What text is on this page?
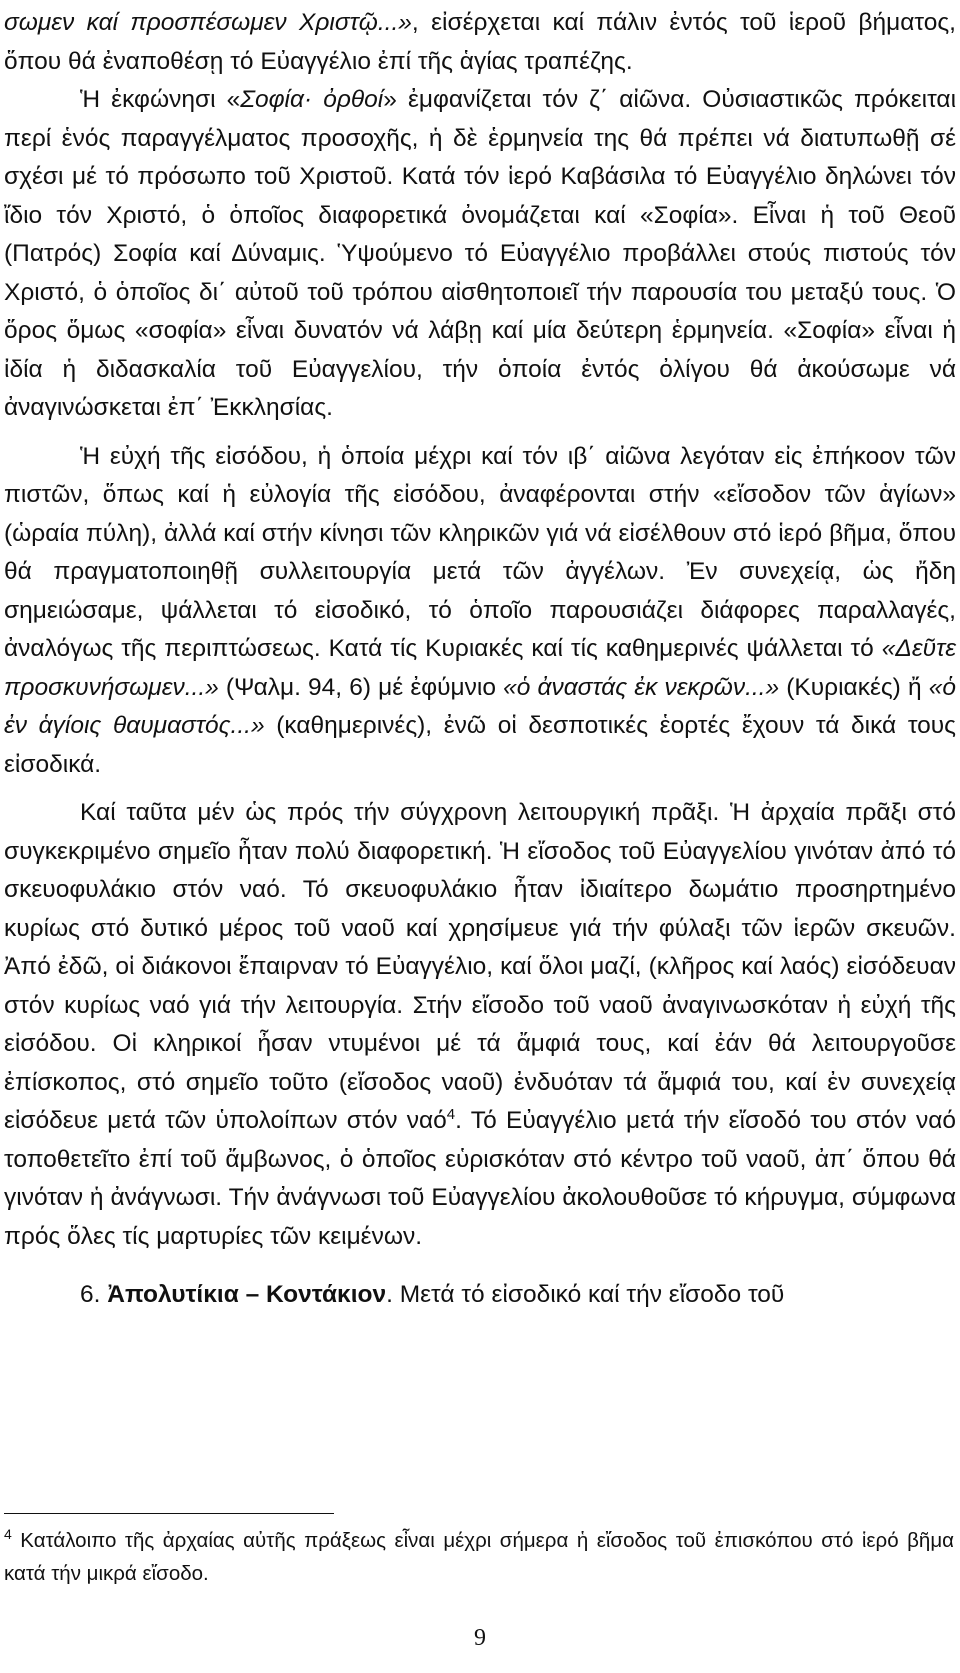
σωμεν καί προσπέσωμεν Χριστῷ...», εἰσέρχεται καί πάλιν ἐντός τοῦ ἱεροῦ βήματος, ὅπου θά ἐναποθέσῃ τό Εὐαγγέλιο ἐπί τῆς ἁγίας τραπέζης.

Ἡ ἐκφώνησι «Σοφία· ὀρθοί» ἐμφανίζεται τόν ζ΄ αἰῶνα. Οὐσιαστικῶς πρόκειται περί ἑνός παραγγέλματος προσοχῆς, ἡ δὲ ἑρμηνεία της θά πρέπει νά διατυπωθῇ σέ σχέσι μέ τό πρόσωπο τοῦ Χριστοῦ. Κατά τόν ἱερό Καβάσιλα τό Εὐαγγέλιο δηλώνει τόν ἴδιο τόν Χριστό, ὁ ὁποῖος διαφορετικά ὀνομάζεται καί «Σοφία». Εἶναι ἡ τοῦ Θεοῦ (Πατρός) Σοφία καί Δύναμις. Ὑψούμενο τό Εὐαγγέλιο προβάλλει στούς πιστούς τόν Χριστό, ὁ ὁποῖος δι΄ αὐτοῦ τοῦ τρόπου αἰσθητοποιεῖ τήν παρουσία του μεταξύ τους. Ὁ ὅρος ὅμως «σοφία» εἶναι δυνατόν νά λάβῃ καί μία δεύτερη ἑρμηνεία. «Σοφία» εἶναι ἡ ἰδία ἡ διδασκαλία τοῦ Εὐαγγελίου, τήν ὁποία ἐντός ὀλίγου θά ἀκούσωμε νά ἀναγινώσκεται ἐπ΄ Ἐκκλησίας.

Ἡ εὐχή τῆς εἰσόδου, ἡ ὁποία μέχρι καί τόν ιβ΄ αἰῶνα λεγόταν εἰς ἐπήκοον τῶν πιστῶν, ὅπως καί ἡ εὐλογία τῆς εἰσόδου, ἀναφέρονται στήν «εἴσοδον τῶν ἁγίων» (ὡραία πύλη), ἀλλά καί στήν κίνησι τῶν κληρικῶν γιά νά εἰσέλθουν στό ἱερό βῆμα, ὅπου θά πραγματοποιηθῇ συλλειτουργία μετά τῶν ἀγγέλων. Ἐν συνεχείᾳ, ὡς ἤδη σημειώσαμε, ψάλλεται τό εἰσοδικό, τό ὁποῖο παρουσιάζει διάφορες παραλλαγές, ἀναλόγως τῆς περιπτώσεως. Κατά τίς Κυριακές καί τίς καθημερινές ψάλλεται τό «Δεῦτε προσκυνήσωμεν...» (Ψαλμ. 94, 6) μέ ἐφύμνιο «ὁ ἀναστάς ἐκ νεκρῶν...» (Κυριακές) ἤ «ὁ ἐν ἁγίοις θαυμαστός...» (καθημερινές), ἐνῶ οἱ δεσποτικές ἑορτές ἔχουν τά δικά τους εἰσοδικά.

Καί ταῦτα μέν ὡς πρός τήν σύγχρονη λειτουργική πρᾶξι. Ἡ ἀρχαία πρᾶξι στό συγκεκριμένο σημεῖο ἦταν πολύ διαφορετική. Ἡ εἴσοδος τοῦ Εὐαγγελίου γινόταν ἀπό τό σκευοφυλάκιο στόν ναό. Τό σκευοφυλάκιο ἦταν ἰδιαίτερο δωμάτιο προσηρτημένο κυρίως στό δυτικό μέρος τοῦ ναοῦ καί χρησίμευε γιά τήν φύλαξι τῶν ἱερῶν σκευῶν. Ἀπό ἐδῶ, οἱ διάκονοι ἔπαιρναν τό Εὐαγγέλιο, καί ὅλοι μαζί, (κλῆρος καί λαός) εἰσόδευαν στόν κυρίως ναό γιά τήν λειτουργία. Στήν εἴσοδο τοῦ ναοῦ ἀναγινωσκόταν ἡ εὐχή τῆς εἰσόδου. Οἱ κληρικοί ἦσαν ντυμένοι μέ τά ἄμφιά τους, καί ἐάν θά λειτουργοῦσε ἐπίσκοπος, στό σημεῖο τοῦτο (εἴσοδος ναοῦ) ἐνδυόταν τά ἄμφιά του, καί ἐν συνεχείᾳ εἰσόδευε μετά τῶν ὑπολοίπων στόν ναό$^4$. Τό Εὐαγγέλιο μετά τήν εἴσοδό του στόν ναό τοποθετεῖτο ἐπί τοῦ ἄμβωνος, ὁ ὁποῖος εὑρισκόταν στό κέντρο τοῦ ναοῦ, ἀπ΄ ὅπου θά γινόταν ἡ ἀνάγνωσι. Τήν ἀνάγνωσι τοῦ Εὐαγγελίου ἀκολουθοῦσε τό κήρυγμα, σύμφωνα πρός ὅλες τίς μαρτυρίες τῶν κειμένων.

6. Ἀπολυτίκια – Κοντάκιον. Μετά τό εἰσοδικό καί τήν εἴσοδο τοῦ

$^4$ Κατάλοιπο τῆς ἀρχαίας αὐτῆς πράξεως εἶναι μέχρι σήμερα ἡ εἴσοδος τοῦ ἐπισκόπου στό ἱερό βῆμα κατά τήν μικρά εἴσοδο.
9
